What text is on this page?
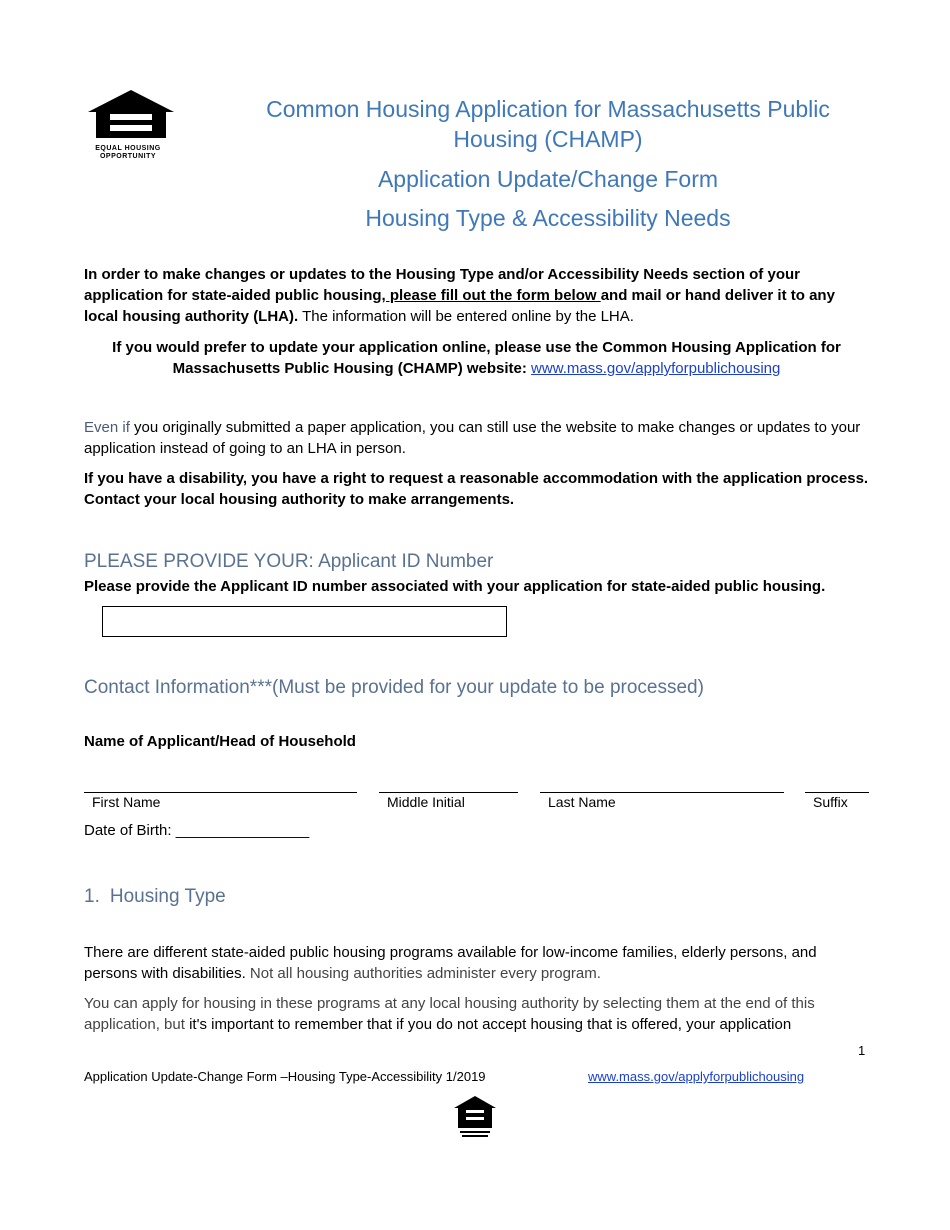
EQUAL HOUSING
OPPORTUNITY
Common Housing Application for Massachusetts Public
Housing (CHAMP)
Application Update/Change Form
Housing Type & Accessibility Needs
In order to make changes or updates to the Housing Type and/or Accessibility Needs section of your application for state-aided public housing, please fill out the form below and mail or hand deliver it to any local housing authority (LHA). The information will be entered online by the LHA.
If you would prefer to update your application online, please use the Common Housing Application for Massachusetts Public Housing (CHAMP) website: www.mass.gov/applyforpublichousing
Even if you originally submitted a paper application, you can still use the website to make changes or updates to your application instead of going to an LHA in person.
If you have a disability, you have a right to request a reasonable accommodation with the application process. Contact your local housing authority to make arrangements.
PLEASE PROVIDE YOUR: Applicant ID Number
Please provide the Applicant ID number associated with your application for state-aided public housing.
Contact Information***(Must be provided for your update to be processed)
Name of Applicant/Head of Household
First Name	Middle Initial	Last Name	Suffix
Date of Birth: ________________
1. Housing Type
There are different state-aided public housing programs available for low-income families, elderly persons, and persons with disabilities. Not all housing authorities administer every program.
You can apply for housing in these programs at any local housing authority by selecting them at the end of this application, but it's important to remember that if you do not accept housing that is offered, your application
1
Application Update-Change Form –Housing Type-Accessibility 1/2019	www.mass.gov/applyforpublichousing
